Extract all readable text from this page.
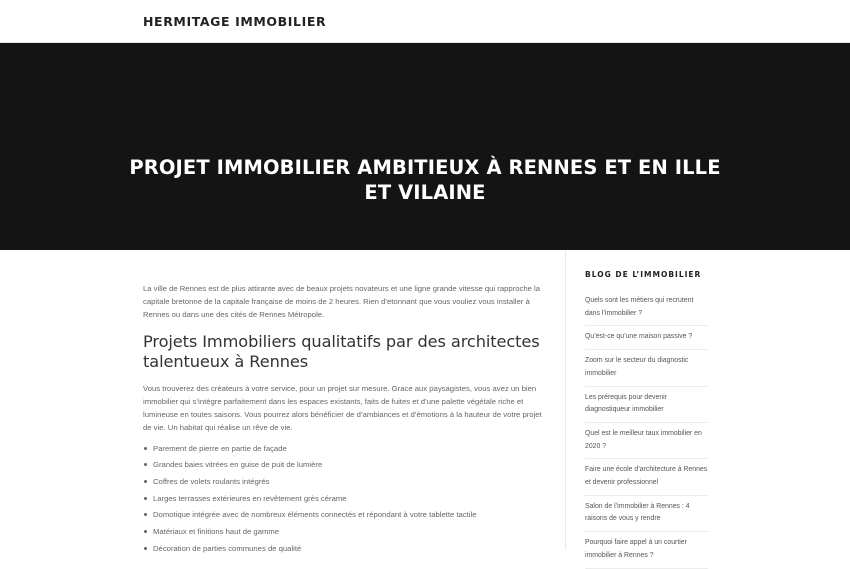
HERMITAGE IMMOBILIER
PROJET IMMOBILIER AMBITIEUX À RENNES ET EN ILLE ET VILAINE

La ville de Rennes est de plus attirante avec de beaux projets novateurs et une ligne grande vitesse qui rapproche la capitale bretonne de la capitale française de moins de 2 heures. Rien d’etonnant que vous vouliez vous installer à Rennes ou dans une des cités de Rennes Métropole.

Projets Immobiliers qualitatifs par des architectes talentueux à Rennes

Vous trouverez des créateurs à votre service, pour un projet sur mesure. Grace aux paysagistes, vous avez un bien immobilier qui s’intègre parfaitement dans les espaces existants, faits de fuites et d’une palette végétale riche et lumineuse en toutes saisons. Vous pourrez alors bénéficier de d’ambiances et d’émotions à la hauteur de votre projet de vie. Un habitat qui réalise un rêve de vie.

Parement de pierre en partie de façade
Grandes baies vitrées en guise de puit de lumière
Coffres de volets roulants intégrés
Larges terrasses extérieures en revêtement grès cérame
Domotique intégrée avec de nombreux éléments connectés et répondant à votre tablette tactile
Matériaux et finitions haut de gamme
Décoration de parties communes de qualité
BLOG DE L’IMMOBILIER
Quels sont les métiers qui recrutent dans l’immobilier ?
Qu’est-ce qu’une maison passive ?
Zoom sur le secteur du diagnostic immobilier
Les prérequis pour devenir diagnostiqueur immobilier
Quel est le meilleur taux immobilier en 2020 ?
Faire une école d’architecture à Rennes et devenir professionnel
Salon de l’immobilier à Rennes : 4 raisons de vous y rendre
Pourquoi faire appel à un courtier immobilier à Rennes ?
